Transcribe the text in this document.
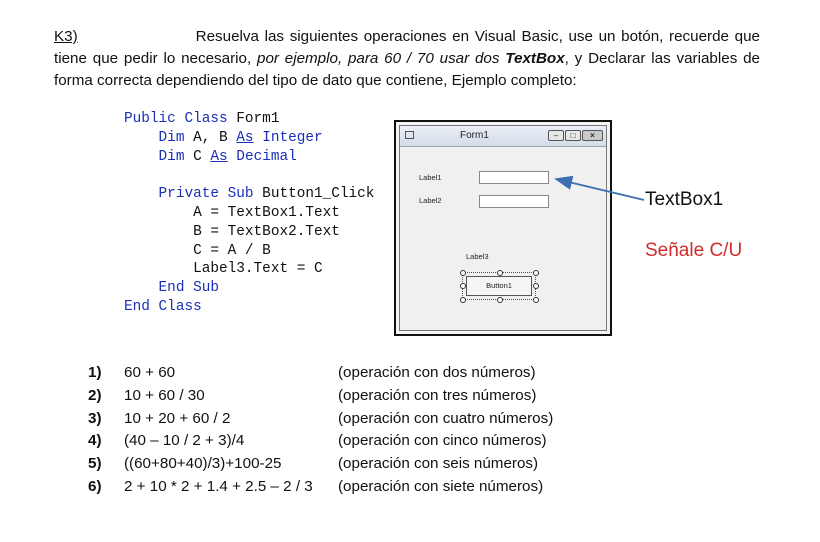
K3)	Resuelva las siguientes operaciones en Visual Basic, use un botón, recuerde que tiene que pedir lo necesario, por ejemplo, para 60 / 70 usar dos TextBox, y Declarar las variables de forma correcta dependiendo del tipo de dato que contiene, Ejemplo completo:
Public Class Form1
Dim A, B As Integer
Dim C As Decimal

Private Sub Button1_Click
A = TextBox1.Text
B = TextBox2.Text
C = A / B
Label3.Text = C
End Sub
End Class
Form1	–	□	×
Label1
Label2
Label3
Button1
TextBox1
Señale C/U
1)	60 + 60	(operación con dos números)
2)	10 + 60 / 30	(operación con tres números)
3)	10 + 20 + 60 / 2	(operación con cuatro números)
4)	(40 – 10 / 2 + 3)/4	(operación con cinco números)
5)	((60+80+40)/3)+100-25	(operación con seis números)
6)	2 + 10 * 2 + 1.4 + 2.5 – 2 / 3	(operación con siete números)
